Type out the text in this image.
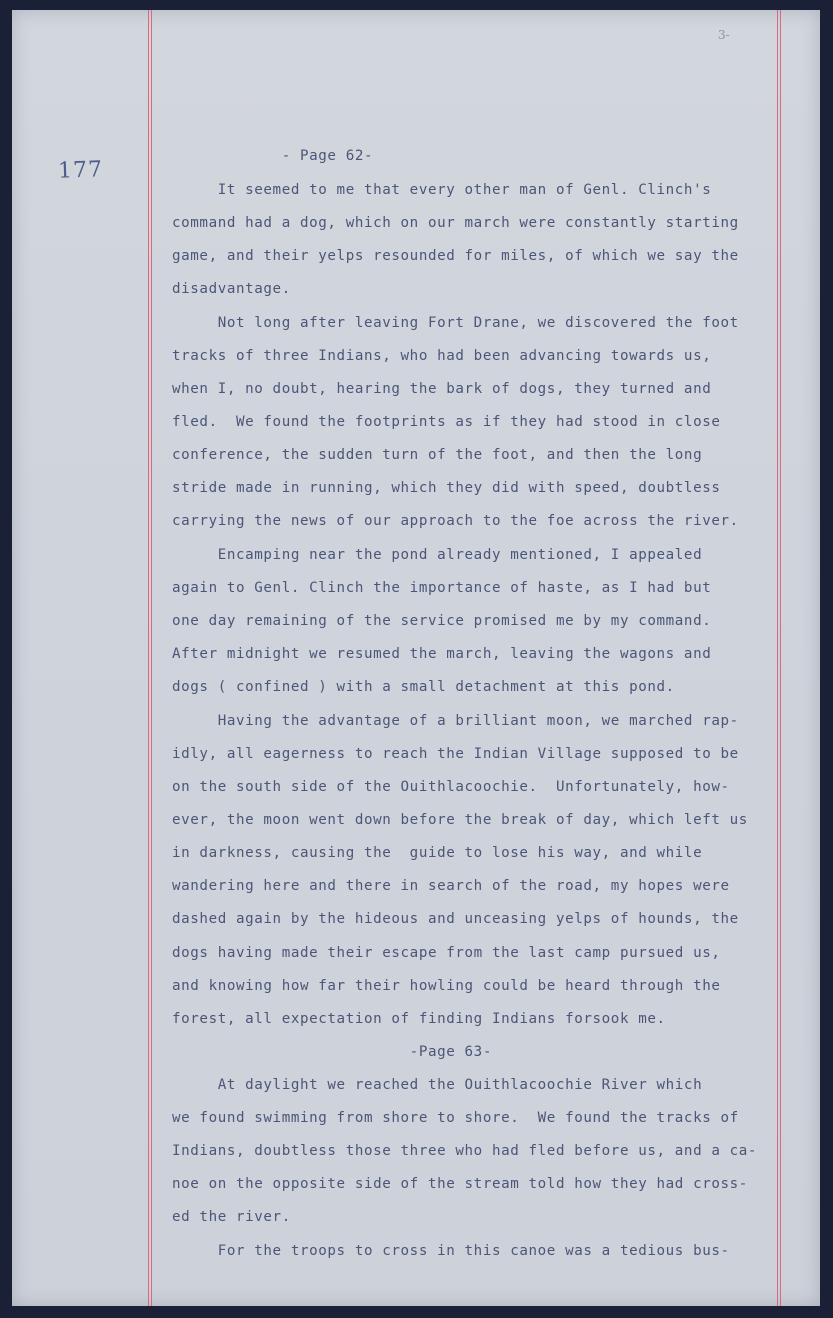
3-
177
- Page 62-
It seemed to me that every other man of Genl. Clinch's
command had a dog, which on our march were constantly starting
game, and their yelps resounded for miles, of which we say the
disadvantage.
Not long after leaving Fort Drane, we discovered the foot
tracks of three Indians, who had been advancing towards us,
when I, no doubt, hearing the bark of dogs, they turned and
fled.  We found the footprints as if they had stood in close
conference, the sudden turn of the foot, and then the long
stride made in running, which they did with speed, doubtless
carrying the news of our approach to the foe across the river.
Encamping near the pond already mentioned, I appealed
again to Genl. Clinch the importance of haste, as I had but
one day remaining of the service promised me by my command.
After midnight we resumed the march, leaving the wagons and
dogs ( confined ) with a small detachment at this pond.
Having the advantage of a brilliant moon, we marched rap-
idly, all eagerness to reach the Indian Village supposed to be
on the south side of the Ouithlacoochie.  Unfortunately, how-
ever, the moon went down before the break of day, which left us
in darkness, causing the  guide to lose his way, and while
wandering here and there in search of the road, my hopes were
dashed again by the hideous and unceasing yelps of hounds, the
dogs having made their escape from the last camp pursued us,
and knowing how far their howling could be heard through the
forest, all expectation of finding Indians forsook me.
-Page 63-
At daylight we reached the Ouithlacoochie River which
we found swimming from shore to shore.  We found the tracks of
Indians, doubtless those three who had fled before us, and a ca-
noe on the opposite side of the stream told how they had cross-
ed the river.
For the troops to cross in this canoe was a tedious bus-
